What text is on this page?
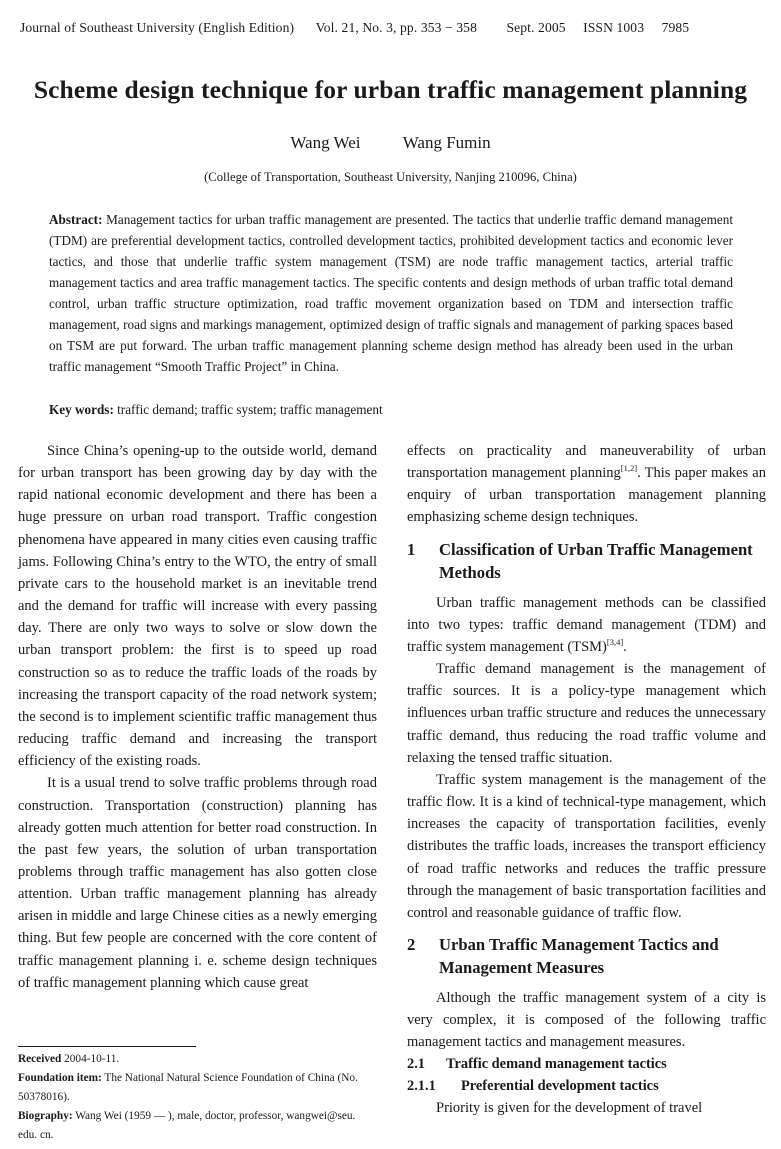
Journal of Southeast University (English Edition) Vol. 21, No. 3, pp. 353 − 358 Sept. 2005 ISSN 1003 7985
Scheme design technique for urban traffic management planning
Wang Wei Wang Fumin
(College of Transportation, Southeast University, Nanjing 210096, China)
Abstract: Management tactics for urban traffic management are presented. The tactics that underlie traffic demand management (TDM) are preferential development tactics, controlled development tactics, prohibited development tactics and economic lever tactics, and those that underlie traffic system management (TSM) are node traffic management tactics, arterial traffic management tactics and area traffic management tactics. The specific contents and design methods of urban traffic total demand control, urban traffic structure optimization, road traffic movement organization based on TDM and intersection traffic management, road signs and markings management, optimized design of traffic signals and management of parking spaces based on TSM are put forward. The urban traffic management planning scheme design method has already been used in the urban traffic management “Smooth Traffic Project” in China.
Key words: traffic demand; traffic system; traffic management

Since China’s opening-up to the outside world, demand for urban transport has been growing day by day with the rapid national economic development and there has been a huge pressure on urban road transport. Traffic congestion phenomena have appeared in many cities even causing traffic jams. Following China’s entry to the WTO, the entry of small private cars to the household market is an inevitable trend and the demand for traffic will increase with every passing day. There are only two ways to solve or slow down the urban transport problem: the first is to speed up road construction so as to reduce the traffic loads of the roads by increasing the transport capacity of the road network system; the second is to implement scientific traffic management thus reducing traffic demand and increasing the transport efficiency of the existing roads.

It is a usual trend to solve traffic problems through road construction. Transportation (construction) planning has already gotten much attention for better road construction. In the past few years, the solution of urban transportation problems through traffic management has also gotten close attention. Urban traffic management planning has already arisen in middle and large Chinese cities as a newly emerging thing. But few people are concerned with the core content of traffic management planning i. e. scheme design techniques of traffic management planning which cause great

effects on practicality and maneuverability of urban transportation management planning[1,2]. This paper makes an enquiry of urban transportation management planning emphasizing scheme design techniques.

1	Classification of Urban Traffic Management Methods

Urban traffic management methods can be classified into two types: traffic demand management (TDM) and traffic system management (TSM)[3,4].

Traffic demand management is the management of traffic sources. It is a policy-type management which influences urban traffic structure and reduces the unnecessary traffic demand, thus reducing the road traffic volume and relaxing the tensed traffic situation.

Traffic system management is the management of the traffic flow. It is a kind of technical-type management, which increases the capacity of transportation facilities, evenly distributes the traffic loads, increases the transport efficiency of road traffic networks and reduces the traffic pressure through the management of basic transportation facilities and control and reasonable guidance of traffic flow.

2	Urban Traffic Management Tactics and Management Measures

Although the traffic management system of a city is very complex, it is composed of the following traffic management tactics and management measures.

2.1 Traffic demand management tactics
2.1.1 Preferential development tactics

Priority is given for the development of travel

Received 2004-10-11.

Foundation item: The National Natural Science Foundation of China (No. 50378016).

Biography: Wang Wei (1959 — ), male, doctor, professor, wangwei@seu. edu. cn.
